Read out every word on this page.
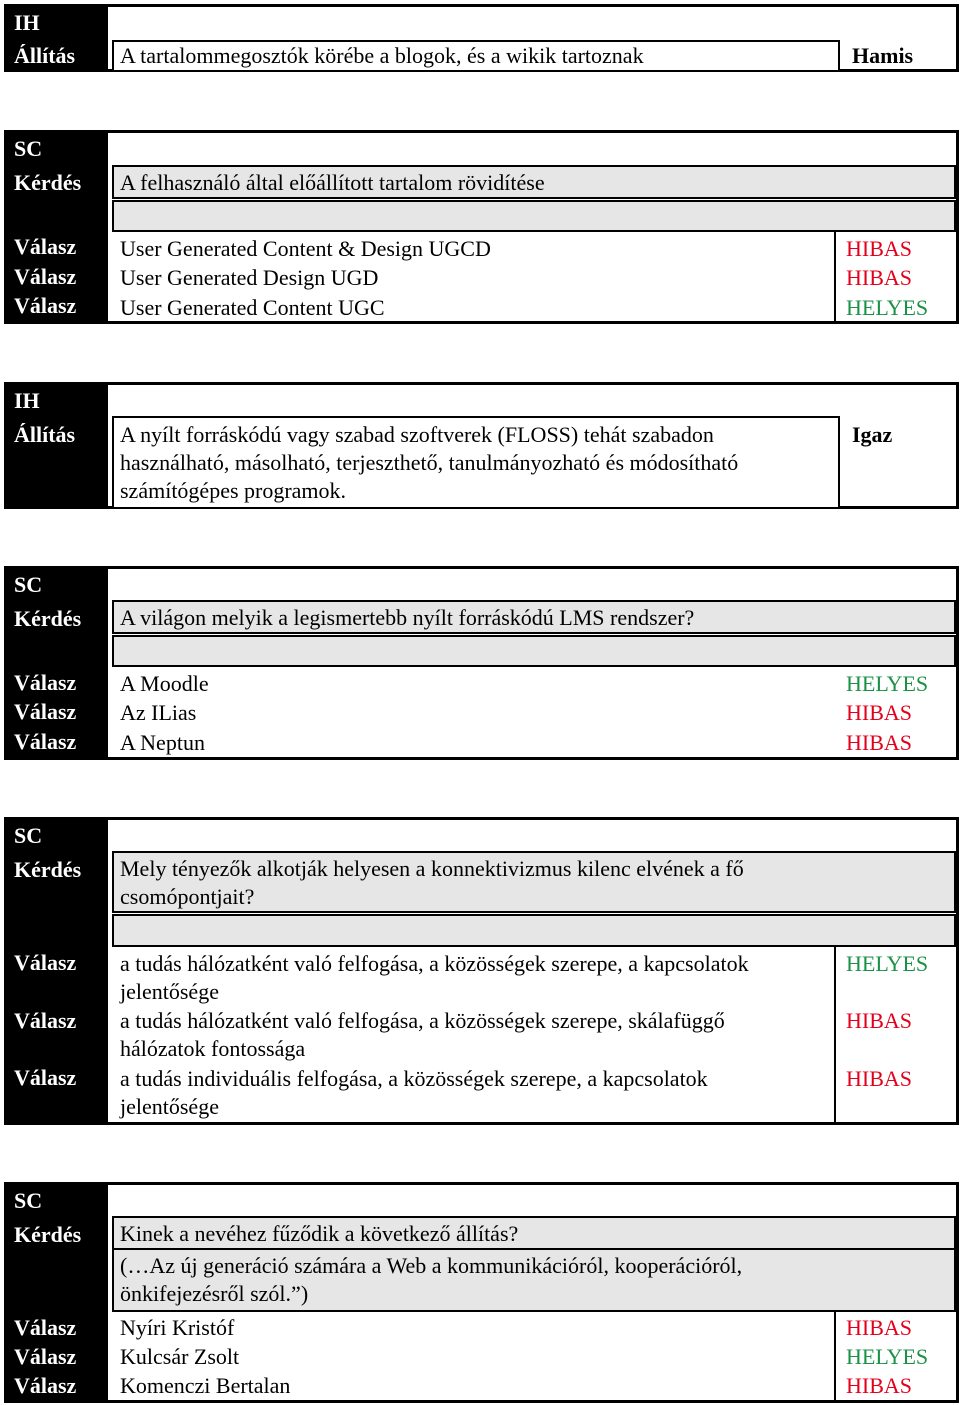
IH
Állítás A tartalommegosztók körébe a blogok, és a wikik tartoznak	Hamis
SC
Kérdés
Válasz
Válasz
Válasz
A felhasználó által előállított tartalom rövidítése
User Generated Content & Design UGCD
User Generated Design UGD
User Generated Content UGC
HIBAS
HIBAS
HELYES
IH
Állítás A nyílt forráskódú vagy szabad szoftverek (FLOSS) tehát szabadon
használható, másolható, terjeszthető, tanulmányozható és módosítható
számítógépes programok.
Igaz
SC
Kérdés
Válasz
Válasz
Válasz
A világon melyik a legismertebb nyílt forráskódú LMS rendszer?
A Moodle
Az ILias
A Neptun
HELYES
HIBAS
HIBAS
SC
Kérdés
Válasz
Válasz
Válasz
Mely tényezők alkotják helyesen a konnektivizmus kilenc elvének a fő
csomópontjait?
a tudás hálózatként való felfogása, a közösségek szerepe, a kapcsolatok
jelentősége
a tudás hálózatként való felfogása, a közösségek szerepe, skálafüggő
hálózatok fontossága
a tudás individuális felfogása, a közösségek szerepe, a kapcsolatok
jelentősége
HELYES
HIBAS
HIBAS
SC
Kérdés
Válasz
Válasz
Válasz
Kinek a nevéhez fűződik a következő állítás?
(…Az új generáció számára a Web a kommunikációról, kooperációról,
önkifejezésről szól.”)
Nyíri Kristóf
Kulcsár Zsolt
Komenczi Bertalan
HIBAS
HELYES
HIBAS
